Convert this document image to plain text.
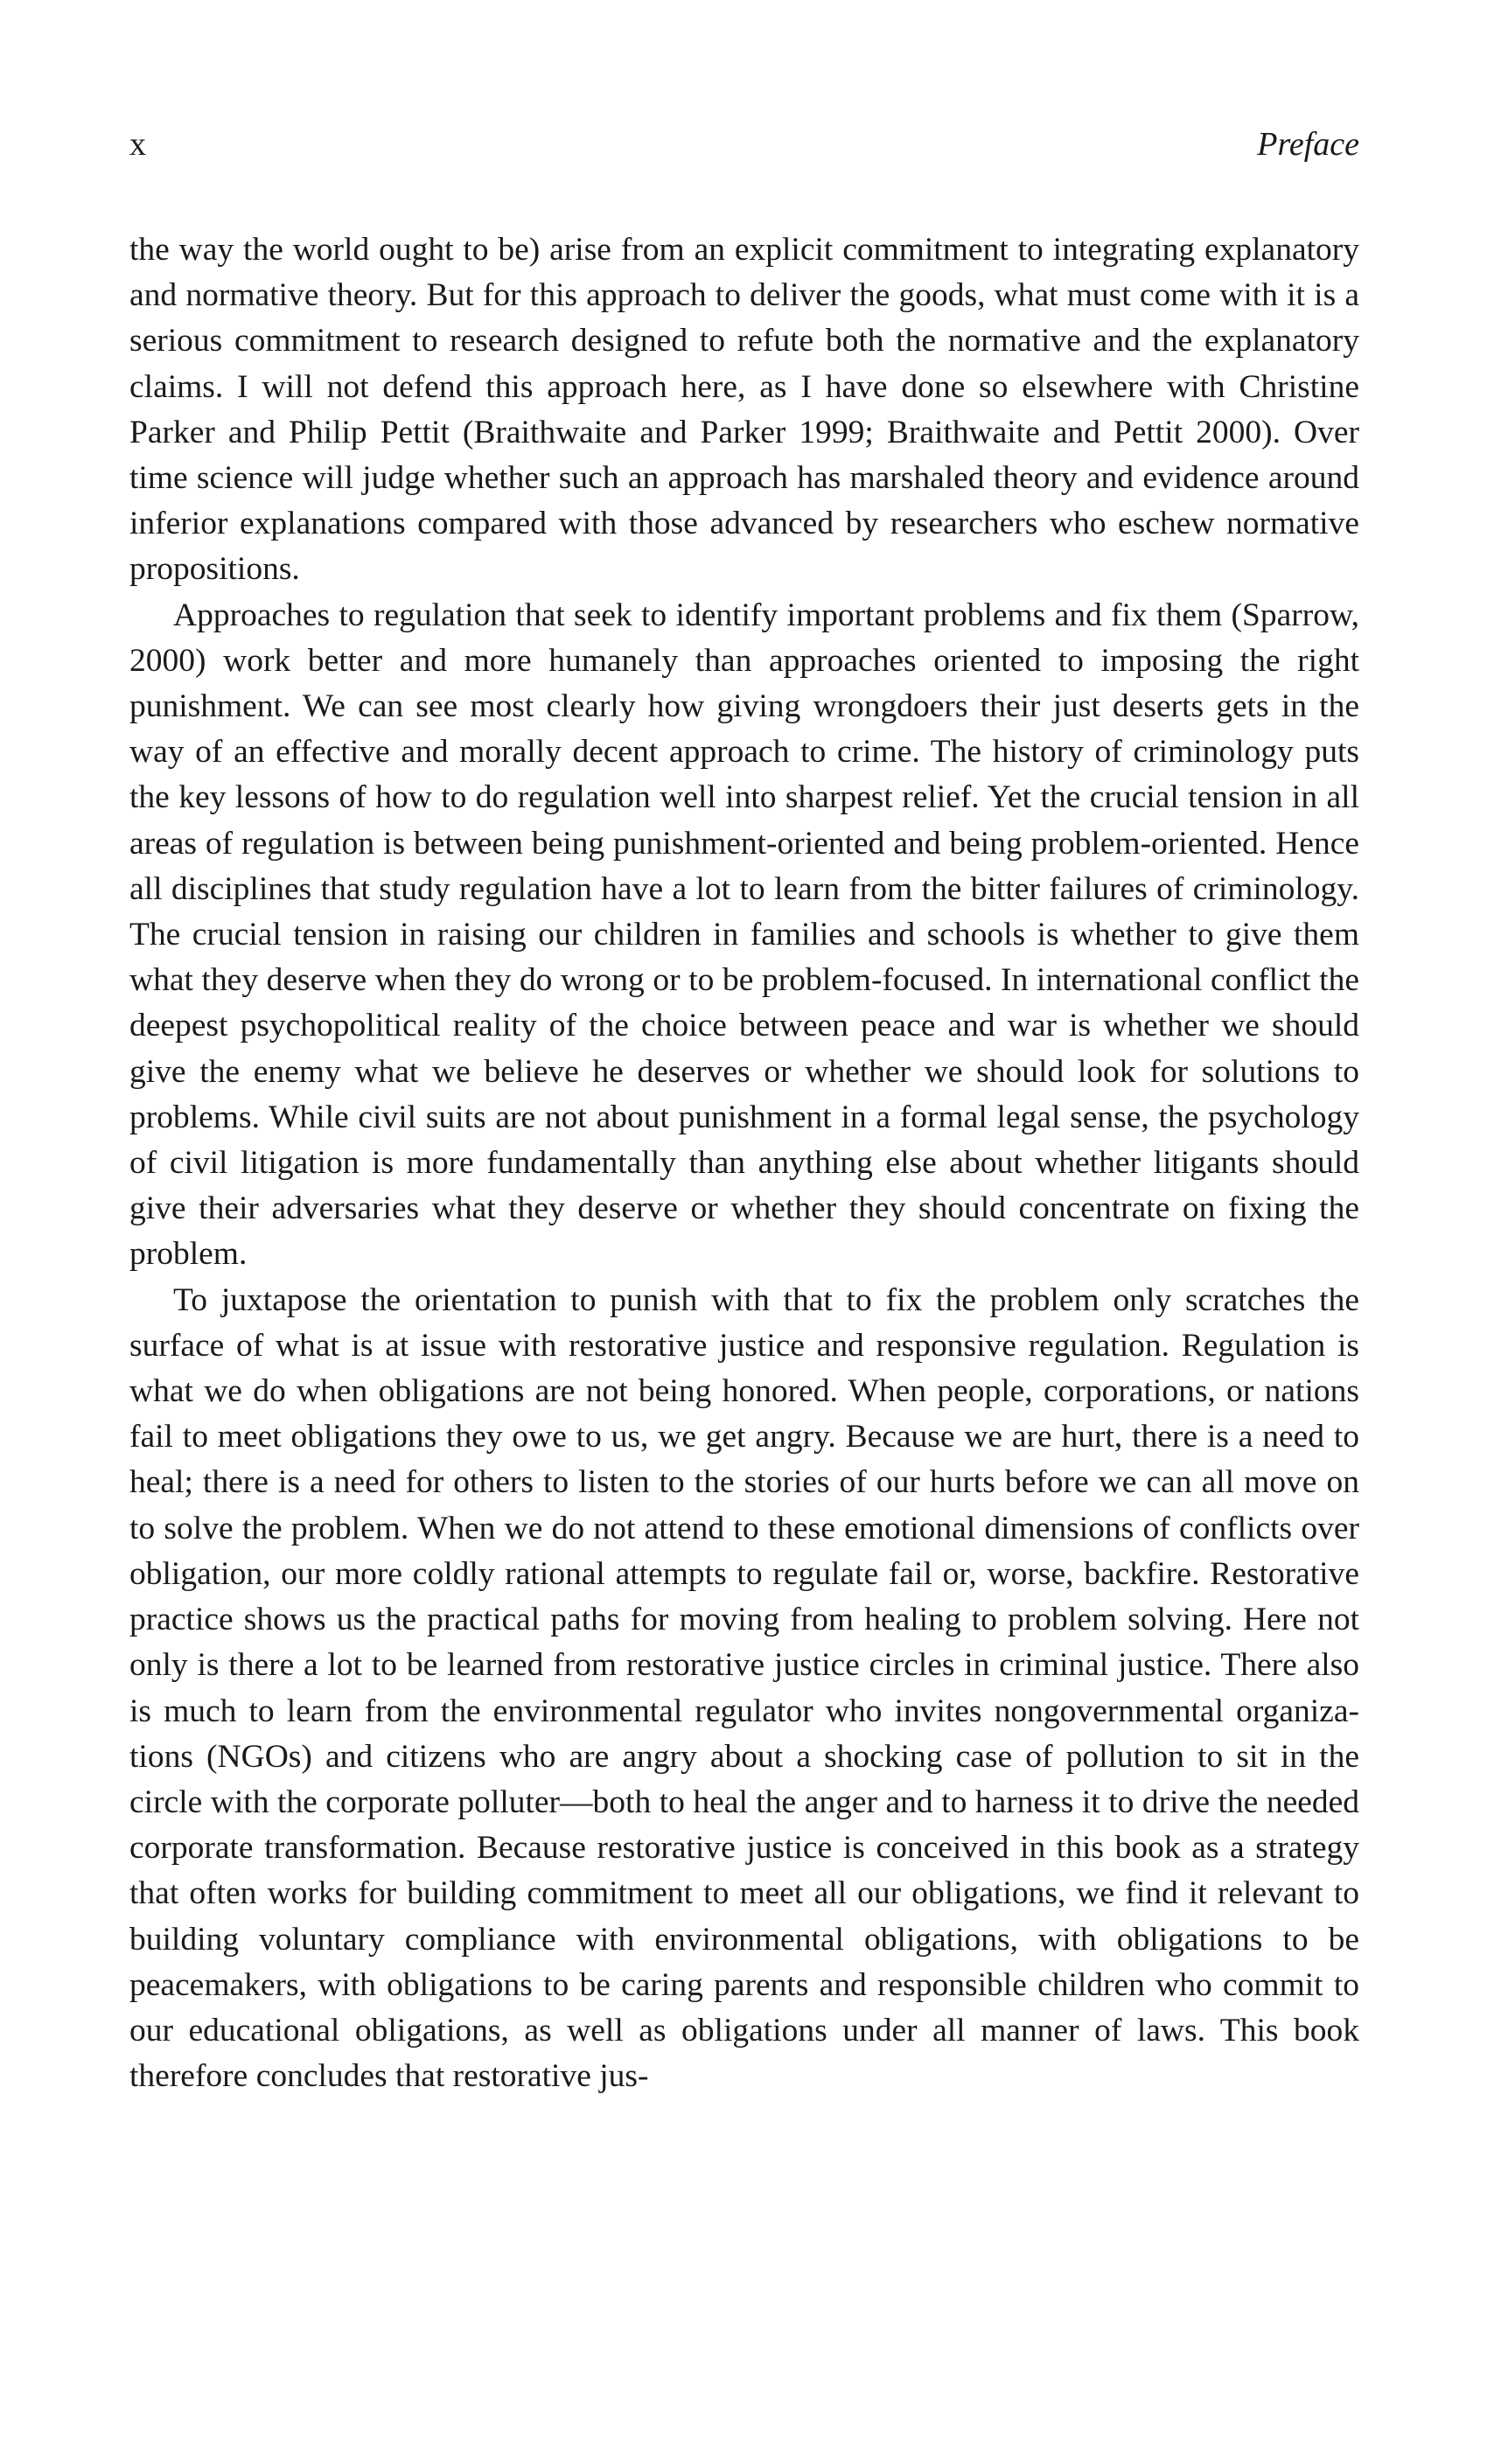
x	Preface

the way the world ought to be) arise from an explicit commitment to integrating explanatory and normative theory. But for this approach to deliver the goods, what must come with it is a serious commitment to research designed to refute both the normative and the explanatory claims. I will not defend this approach here, as I have done so elsewhere with Christine Parker and Philip Pettit (Braithwaite and Parker 1999; Braithwaite and Pettit 2000). Over time science will judge whether such an approach has marshaled theory and evidence around inferior explanations compared with those advanced by researchers who eschew normative propositions.

Approaches to regulation that seek to identify important problems and fix them (Sparrow, 2000) work better and more humanely than approaches oriented to imposing the right punishment. We can see most clearly how giving wrongdoers their just deserts gets in the way of an effective and morally decent approach to crime. The history of criminology puts the key lessons of how to do regulation well into sharpest relief. Yet the crucial tension in all areas of regulation is between being punishment-oriented and being problem-oriented. Hence all disciplines that study regulation have a lot to learn from the bitter failures of criminology. The crucial tension in raising our children in families and schools is whether to give them what they deserve when they do wrong or to be problem-focused. In international conflict the deepest psychopolitical reality of the choice between peace and war is whether we should give the enemy what we believe he deserves or whether we should look for solutions to problems. While civil suits are not about punishment in a formal legal sense, the psychology of civil litigation is more fundamentally than anything else about whether litigants should give their adversaries what they deserve or whether they should concentrate on fixing the problem.

To juxtapose the orientation to punish with that to fix the problem only scratches the surface of what is at issue with restorative justice and responsive regulation. Regulation is what we do when obligations are not being honored. When people, corporations, or nations fail to meet obligations they owe to us, we get angry. Because we are hurt, there is a need to heal; there is a need for others to listen to the stories of our hurts before we can all move on to solve the problem. When we do not attend to these emotional dimensions of conflicts over obligation, our more coldly rational attempts to regulate fail or, worse, backfire. Restorative practice shows us the practical paths for moving from healing to problem solving. Here not only is there a lot to be learned from restorative justice circles in criminal justice. There also is much to learn from the environmental regulator who invites nongovernmental organizations (NGOs) and citizens who are angry about a shocking case of pollution to sit in the circle with the corporate polluter—both to heal the anger and to harness it to drive the needed corporate transformation. Because restorative justice is conceived in this book as a strategy that often works for building commitment to meet all our obligations, we find it relevant to building voluntary compliance with environmental obligations, with obligations to be peacemakers, with obligations to be caring parents and responsible children who commit to our educational obligations, as well as obligations under all manner of laws. This book therefore concludes that restorative jus-
